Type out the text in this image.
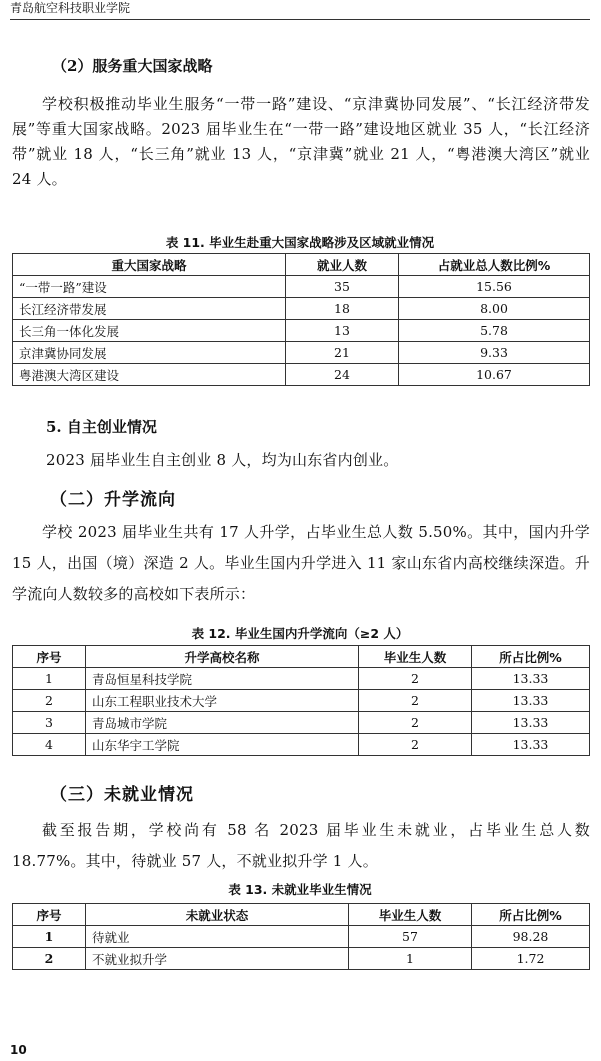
青岛航空科技职业学院
（2）服务重大国家战略
学校积极推动毕业生服务“一带一路”建设、“京津冀协同发展”、“长江经济带发展”等重大国家战略。2023 届毕业生在“一带一路”建设地区就业 35 人，“长江经济带”就业 18 人，“长三角”就业 13 人，“京津冀”就业 21 人，“粤港澳大湾区”就业 24 人。
表 11. 毕业生赴重大国家战略涉及区域就业情况
重大国家战略	就业人数	占就业总人数比例%
“一带一路”建设	35	15.56
长江经济带发展	18	8.00
长三角一体化发展	13	5.78
京津冀协同发展	21	9.33
粤港澳大湾区建设	24	10.67
5. 自主创业情况
2023 届毕业生自主创业 8 人，均为山东省内创业。
（二）升学流向
学校 2023 届毕业生共有 17 人升学，占毕业生总人数 5.50%。其中，国内升学 15 人，出国（境）深造 2 人。毕业生国内升学进入 11 家山东省内高校继续深造。升学流向人数较多的高校如下表所示：
表 12. 毕业生国内升学流向（≥2 人）
序号	升学高校名称	毕业生人数	所占比例%
1	青岛恒星科技学院	2	13.33
2	山东工程职业技术大学	2	13.33
3	青岛城市学院	2	13.33
4	山东华宇工学院	2	13.33
（三）未就业情况
截至报告期，学校尚有 58 名 2023 届毕业生未就业，占毕业生总人数 18.77%。其中，待就业 57 人，不就业拟升学 1 人。
表 13. 未就业毕业生情况
序号	未就业状态	毕业生人数	所占比例%
1	待就业	57	98.28
2	不就业拟升学	1	1.72
10
